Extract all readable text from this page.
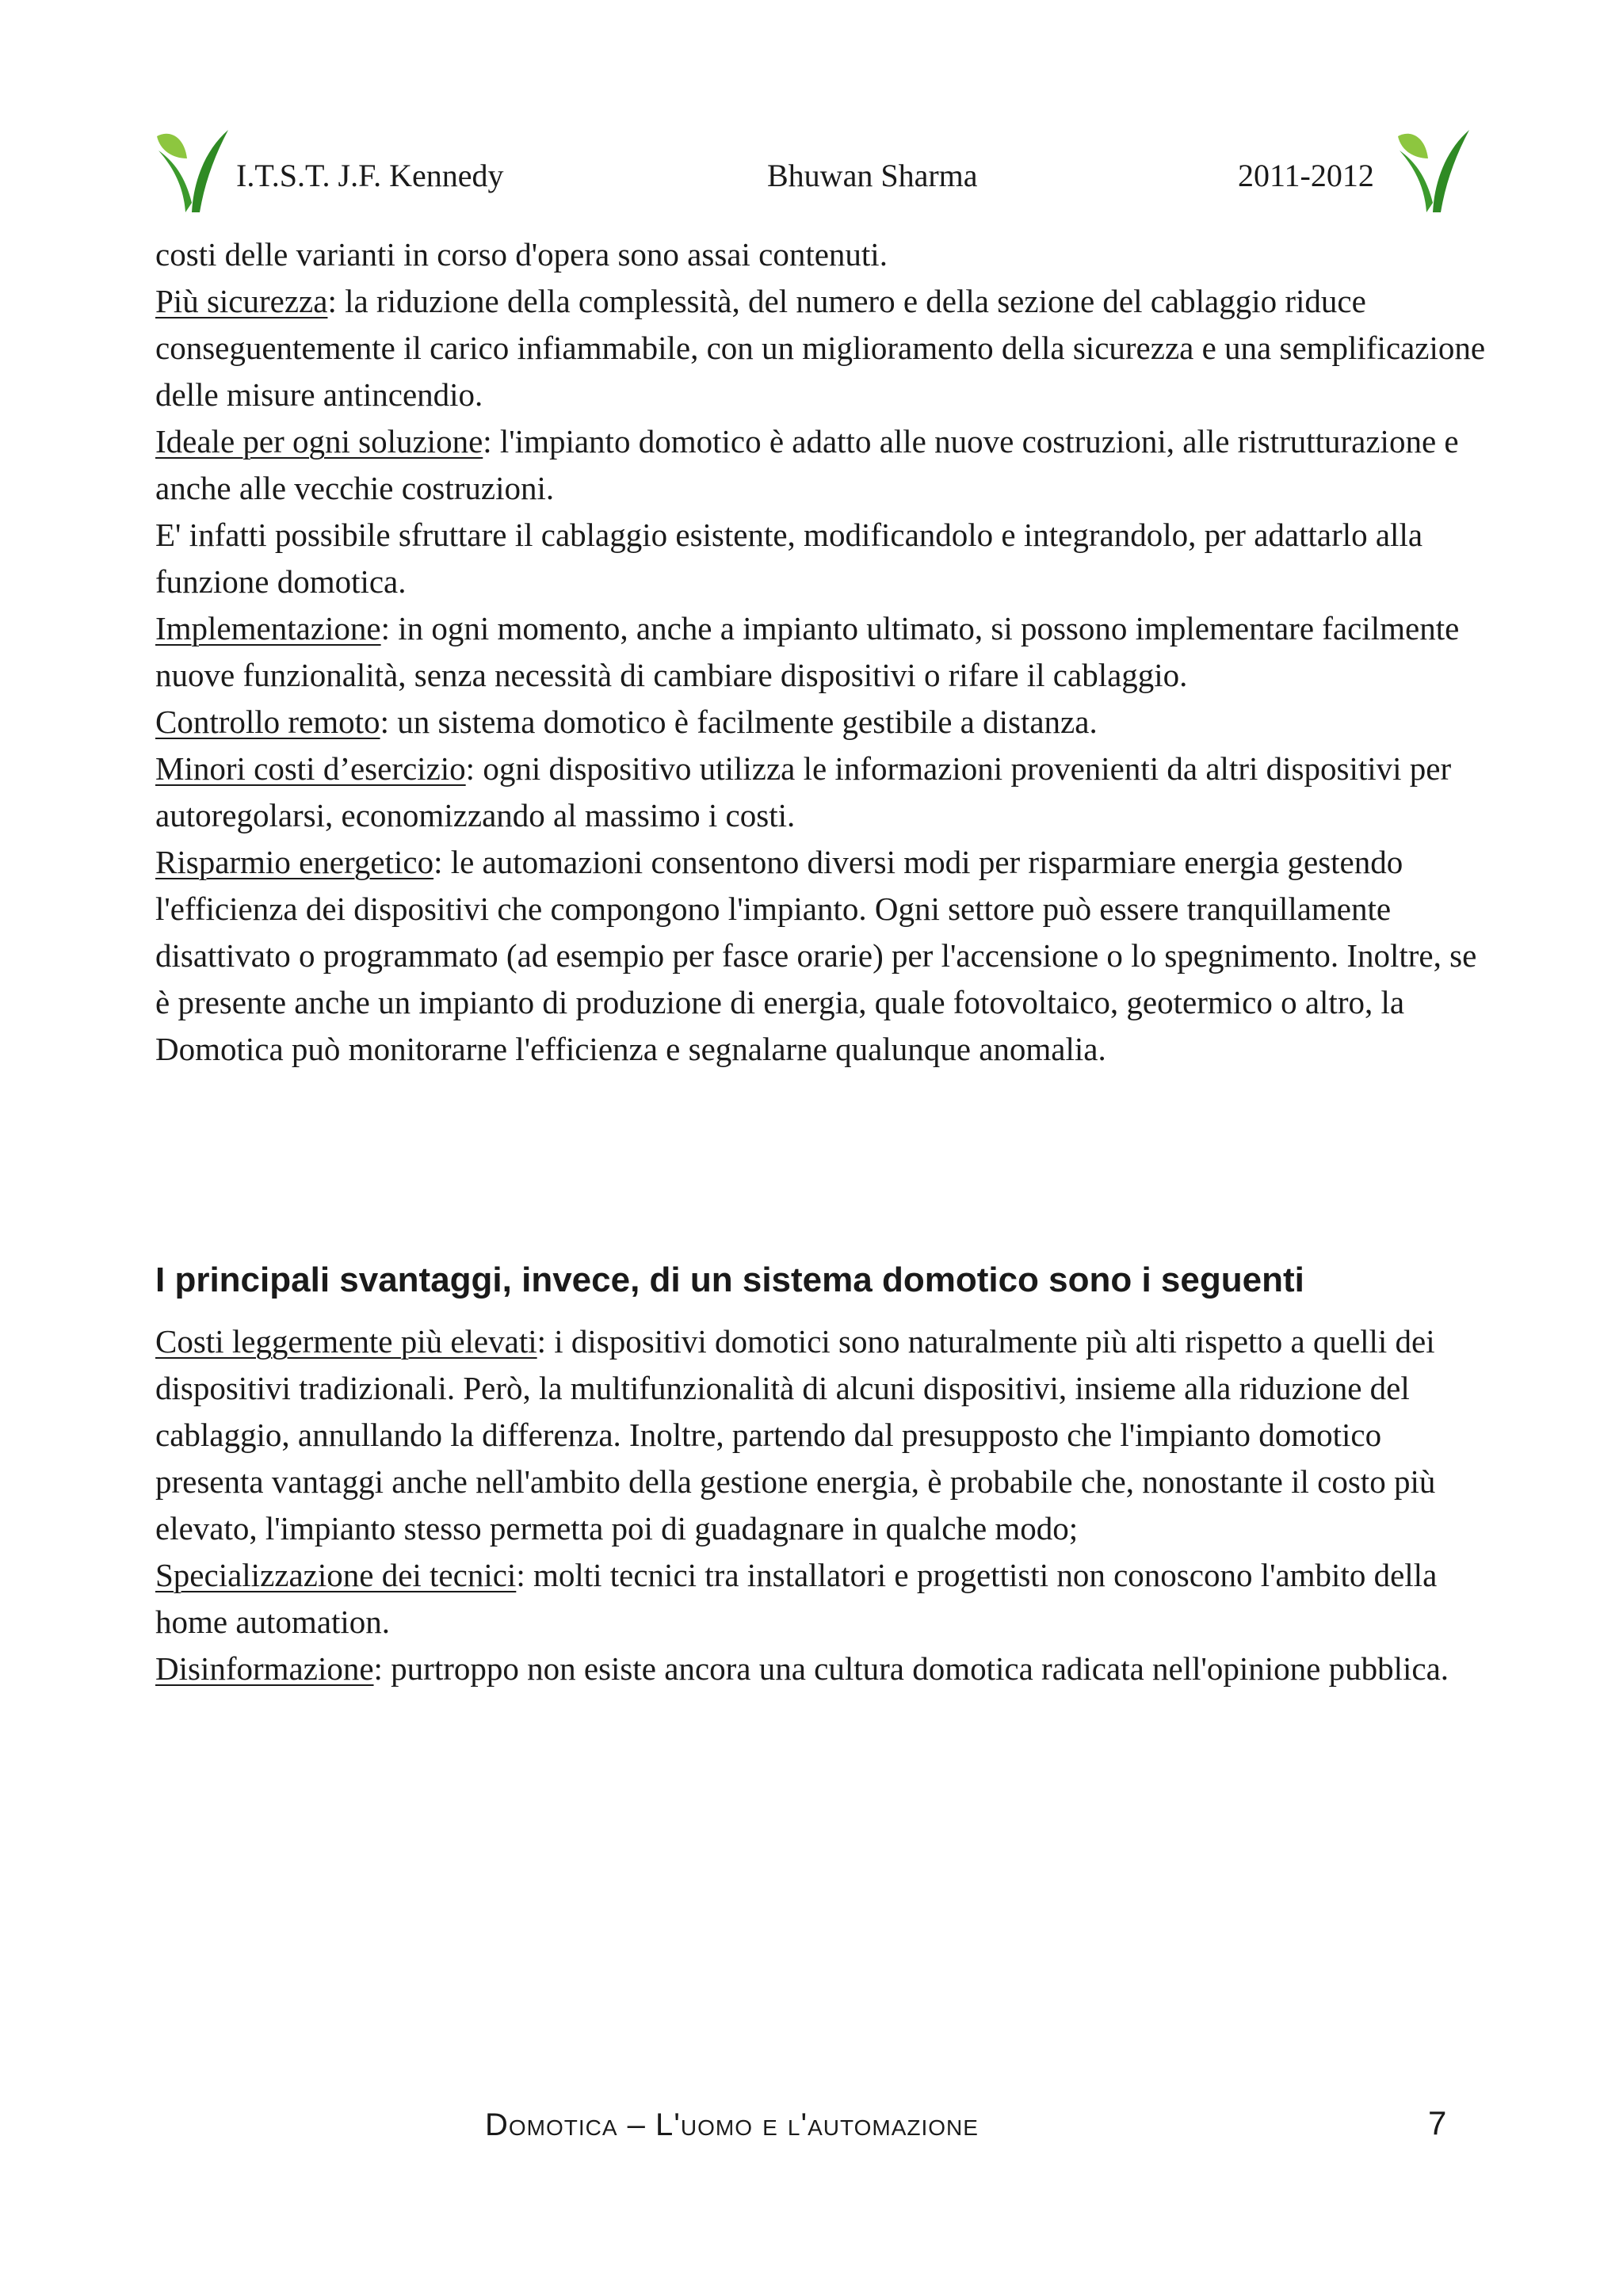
I.T.S.T. J.F. Kennedy	Bhuwan Sharma	2011-2012

costi delle varianti in corso d'opera sono assai contenuti.

Più sicurezza: la riduzione della complessità, del numero e della sezione del cablaggio riduce conseguentemente il carico infiammabile, con un miglioramento della sicurezza e una semplificazione delle misure antincendio.

Ideale per ogni soluzione: l'impianto domotico è adatto alle nuove costruzioni, alle ristrutturazione e anche alle vecchie costruzioni.

E' infatti possibile sfruttare il cablaggio esistente, modificandolo e integrandolo, per adattarlo alla funzione domotica.

Implementazione: in ogni momento, anche a impianto ultimato, si possono implementare facilmente nuove funzionalità, senza necessità di cambiare dispositivi o rifare il cablaggio.

Controllo remoto: un sistema domotico è facilmente gestibile a distanza.

Minori costi d’esercizio: ogni dispositivo utilizza le informazioni provenienti da altri dispositivi per autoregolarsi, economizzando al massimo i costi.

Risparmio energetico: le automazioni consentono diversi modi per risparmiare energia gestendo l'efficienza dei dispositivi che compongono l'impianto. Ogni settore può essere tranquillamente disattivato o programmato (ad esempio per fasce orarie) per l'accensione o lo spegnimento. Inoltre, se è presente anche un impianto di produzione di energia, quale fotovoltaico, geotermico o altro, la Domotica può monitorarne l'efficienza e segnalarne qualunque anomalia.

I principali svantaggi, invece, di un sistema domotico sono i seguenti

Costi leggermente più elevati: i dispositivi domotici sono naturalmente più alti rispetto a quelli dei dispositivi tradizionali. Però, la multifunzionalità di alcuni dispositivi, insieme alla riduzione del cablaggio, annullando la differenza. Inoltre, partendo dal presupposto che l'impianto domotico presenta vantaggi anche nell'ambito della gestione energia, è probabile che, nonostante il costo più elevato, l'impianto stesso permetta poi di guadagnare in qualche modo;

Specializzazione dei tecnici: molti tecnici tra installatori e progettisti non conoscono l'ambito della home automation.

Disinformazione: purtroppo non esiste ancora una cultura domotica radicata nell'opinione pubblica.

Domotica – L'uomo e l'automazione	7
